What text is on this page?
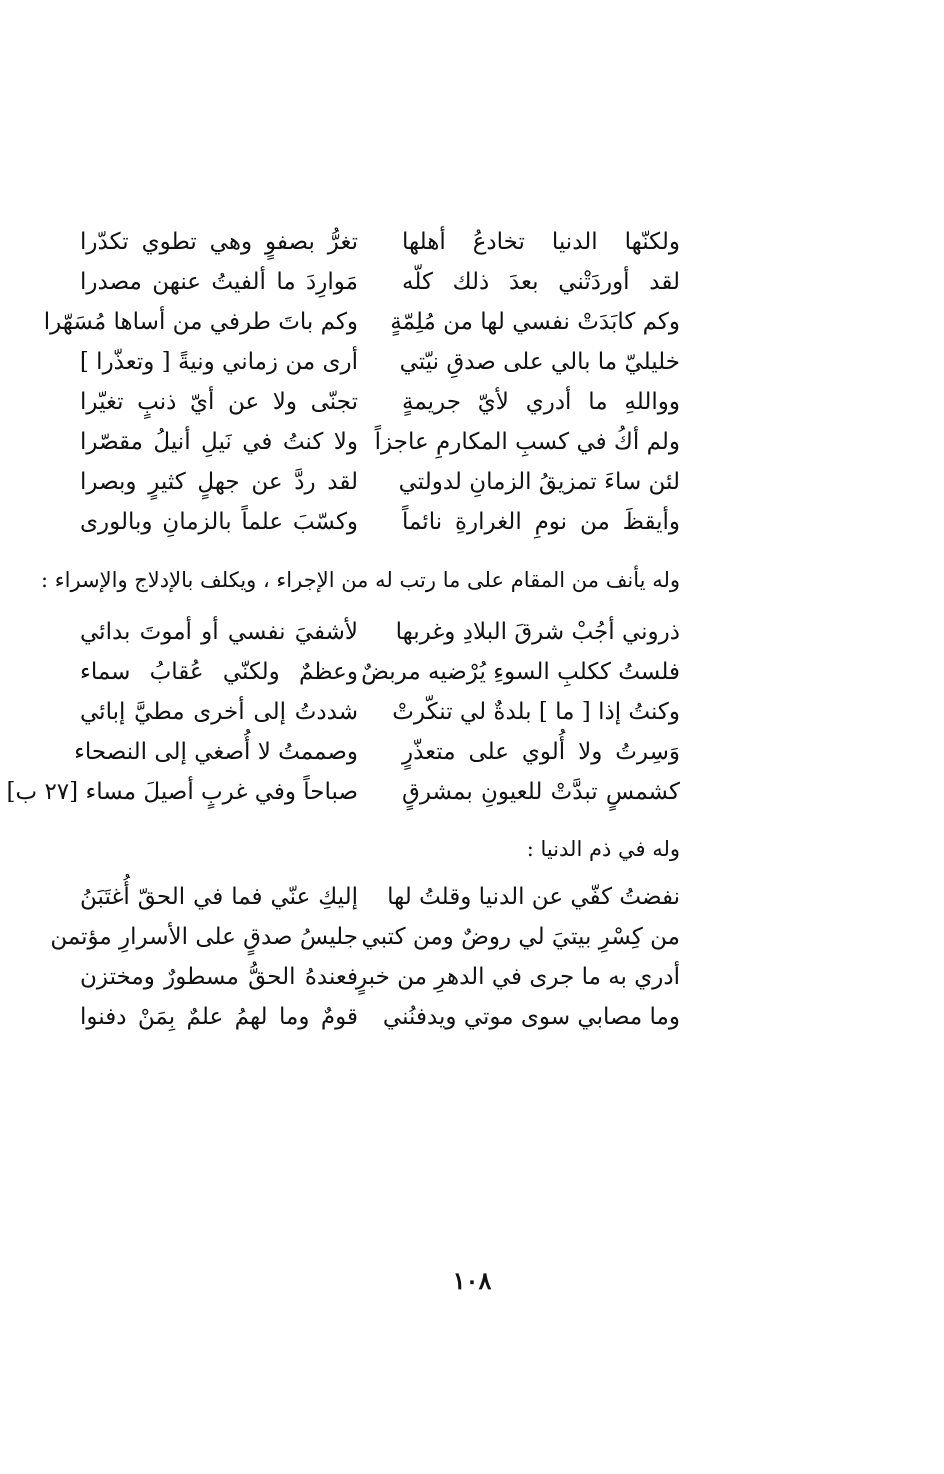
ولكنّها الدنيا تخادعُ أهلها
تغرُّ بصفوٍ وهي تطوي تكدّرا
لقد أوردَتْني بعدَ ذلك كلّه
مَوارِدَ ما ألفيتُ عنهن مصدرا
وكم كابَدَتْ نفسي لها من مُلِمّةٍ
وكم باتَ طرفي من أساها مُسَهّرا
خليليّ ما بالي على صدقِ نيّتي
أرى من زماني ونيةً [ وتعذّرا ]
وواللهِ ما أدري لأيّ جريمةٍ
تجنّى ولا عن أيّ ذنبٍ تغيّرا
ولم أكُ في كسبِ المكارمِ عاجزاً
ولا كنتُ في نَيلِ أنيلُ مقصّرا
لئن ساءَ تمزيقُ الزمانِ لدولتي
لقد ردَّ عن جهلٍ كثيرٍ وبصرا
وأيقظَ من نومِ الغرارةِ نائماً
وكسّبَ علماً بالزمانِ وبالورى
وله يأنف من المقام على ما رتب له من الإجراء ، ويكلف بالإدلاج والإسراء :
ذروني أجُبْ شرقَ البلادِ وغربها
لأشفيَ نفسي أو أموتَ بدائي
فلستُ ككلبِ السوءِ يُرْضيه مربضٌ
وعظمٌ ولكنّي عُقابُ سماء
وكنتُ إذا [ ما ] بلدةٌ لي تنكّرتْ
شددتُ إلى أخرى مطيَّ إبائي
وَسِرتُ ولا أُلوي على متعذّرٍ
وصممتُ لا أُصغي إلى النصحاء
كشمسٍ تبدَّتْ للعيونِ بمشرقٍ
صباحاً وفي غربٍ أصيلَ مساء [٢٧ ب]
وله في ذم الدنيا :
نفضتُ كفّي عن الدنيا وقلتُ لها
إليكِ عنّي فما في الحقّ أُغتَبَنُ
من كِسْرِ بيتيَ لي روضٌ ومن كتبي
جليسُ صدقٍ على الأسرارِ مؤتمن
أدري به ما جرى في الدهرِ من خبرٍ
فعندهُ الحقُّ مسطورٌ ومختزن
وما مصابي سوى موتي ويدفنُني
قومٌ وما لهمُ علمٌ بِمَنْ دفنوا
١٠٨
